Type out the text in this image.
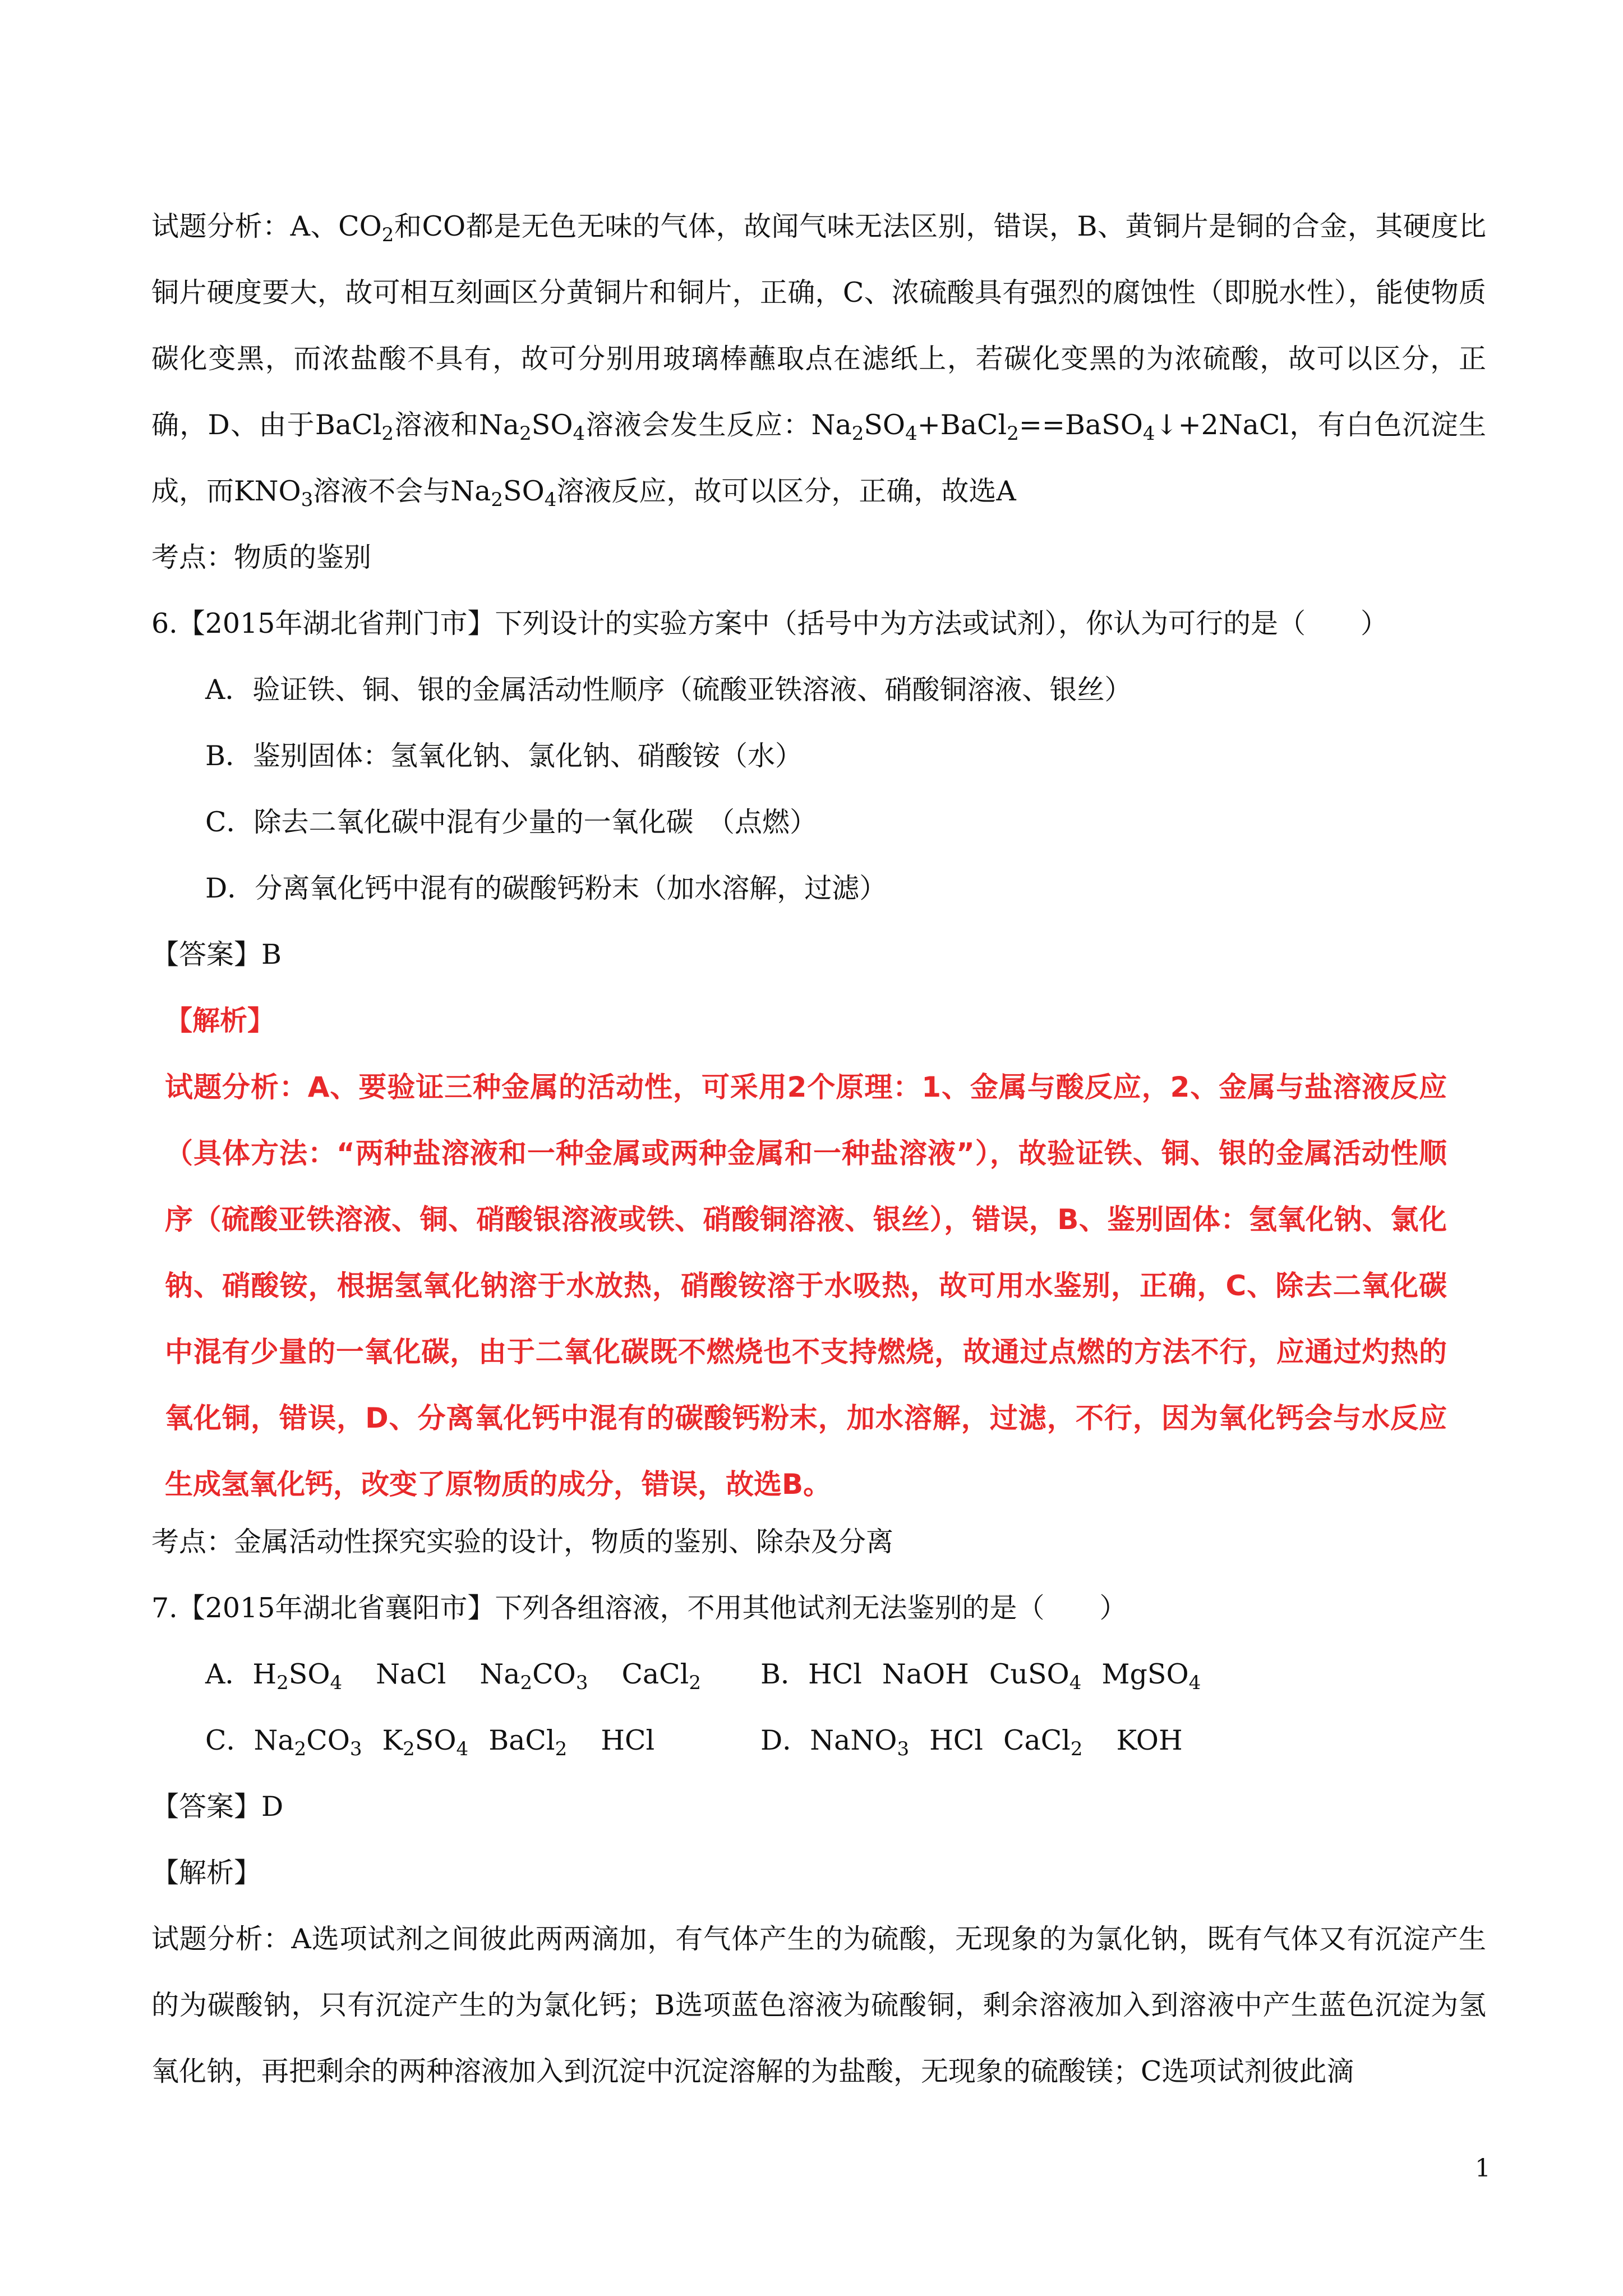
试题分析：A、$CO_2$和CO都是无色无味的气体，故闻气味无法区别，错误，B、黄铜片是铜的合金，其硬度比铜片硬度要大，故可相互刻画区分黄铜片和铜片，正确，C、浓硫酸具有强烈的腐蚀性（即脱水性），能使物质碳化变黑，而浓盐酸不具有，故可分别用玻璃棒蘸取点在滤纸上，若碳化变黑的为浓硫酸，故可以区分，正确，D、由于BaCl$_2$溶液和$Na_2SO_4$溶液会发生反应：$Na_2SO_4+BaCl_2==BaSO_4↓+2NaCl$，有白色沉淀生成，而$KNO_3$溶液不会与$Na_2SO_4$溶液反应，故可以区分，正确，故选A

考点：物质的鉴别

6.【2015年湖北省荆门市】下列设计的实验方案中（括号中为方法或试剂），你认为可行的是（　　）

A．验证铁、铜、银的金属活动性顺序（硫酸亚铁溶液、硝酸铜溶液、银丝）

B．鉴别固体：氢氧化钠、氯化钠、硝酸铵（水）

C．除去二氧化碳中混有少量的一氧化碳　（点燃）

D．分离氧化钙中混有的碳酸钙粉末（加水溶解，过滤）

【答案】B

【解析】

试题分析：A、要验证三种金属的活动性，可采用2个原理：1、金属与酸反应，2、金属与盐溶液反应（具体方法：“两种盐溶液和一种金属或两种金属和一种盐溶液”），故验证铁、铜、银的金属活动性顺序（硫酸亚铁溶液、铜、硝酸银溶液或铁、硝酸铜溶液、银丝），错误，B、鉴别固体：氢氧化钠、氯化钠、硝酸铵，根据氢氧化钠溶于水放热，硝酸铵溶于水吸热，故可用水鉴别，正确，C、除去二氧化碳中混有少量的一氧化碳，由于二氧化碳既不燃烧也不支持燃烧，故通过点燃的方法不行，应通过灼热的氧化铜，错误，D、分离氧化钙中混有的碳酸钙粉末，加水溶解，过滤，不行，因为氧化钙会与水反应生成氢氧化钙，改变了原物质的成分，错误，故选B。

考点：金属活动性探究实验的设计，物质的鉴别、除杂及分离

7.【2015年湖北省襄阳市】下列各组溶液，不用其他试剂无法鉴别的是（　　）

A．$H_2SO_4$ NaCl $Na_2CO_3$ CaCl$_2$	B．HCl NaOH CuSO$_4$ MgSO$_4$
C．$Na_2CO_3$ $K_2SO_4$ BaCl$_2$ HCl	D．NaNO$_3$ HCl CaCl$_2$ KOH

【答案】D

【解析】

试题分析：A选项试剂之间彼此两两滴加，有气体产生的为硫酸，无现象的为氯化钠，既有气体又有沉淀产生的为碳酸钠，只有沉淀产生的为氯化钙；B选项蓝色溶液为硫酸铜，剩余溶液加入到溶液中产生蓝色沉淀为氢氧化钠，再把剩余的两种溶液加入到沉淀中沉淀溶解的为盐酸，无现象的硫酸镁；C选项试剂彼此滴

1
